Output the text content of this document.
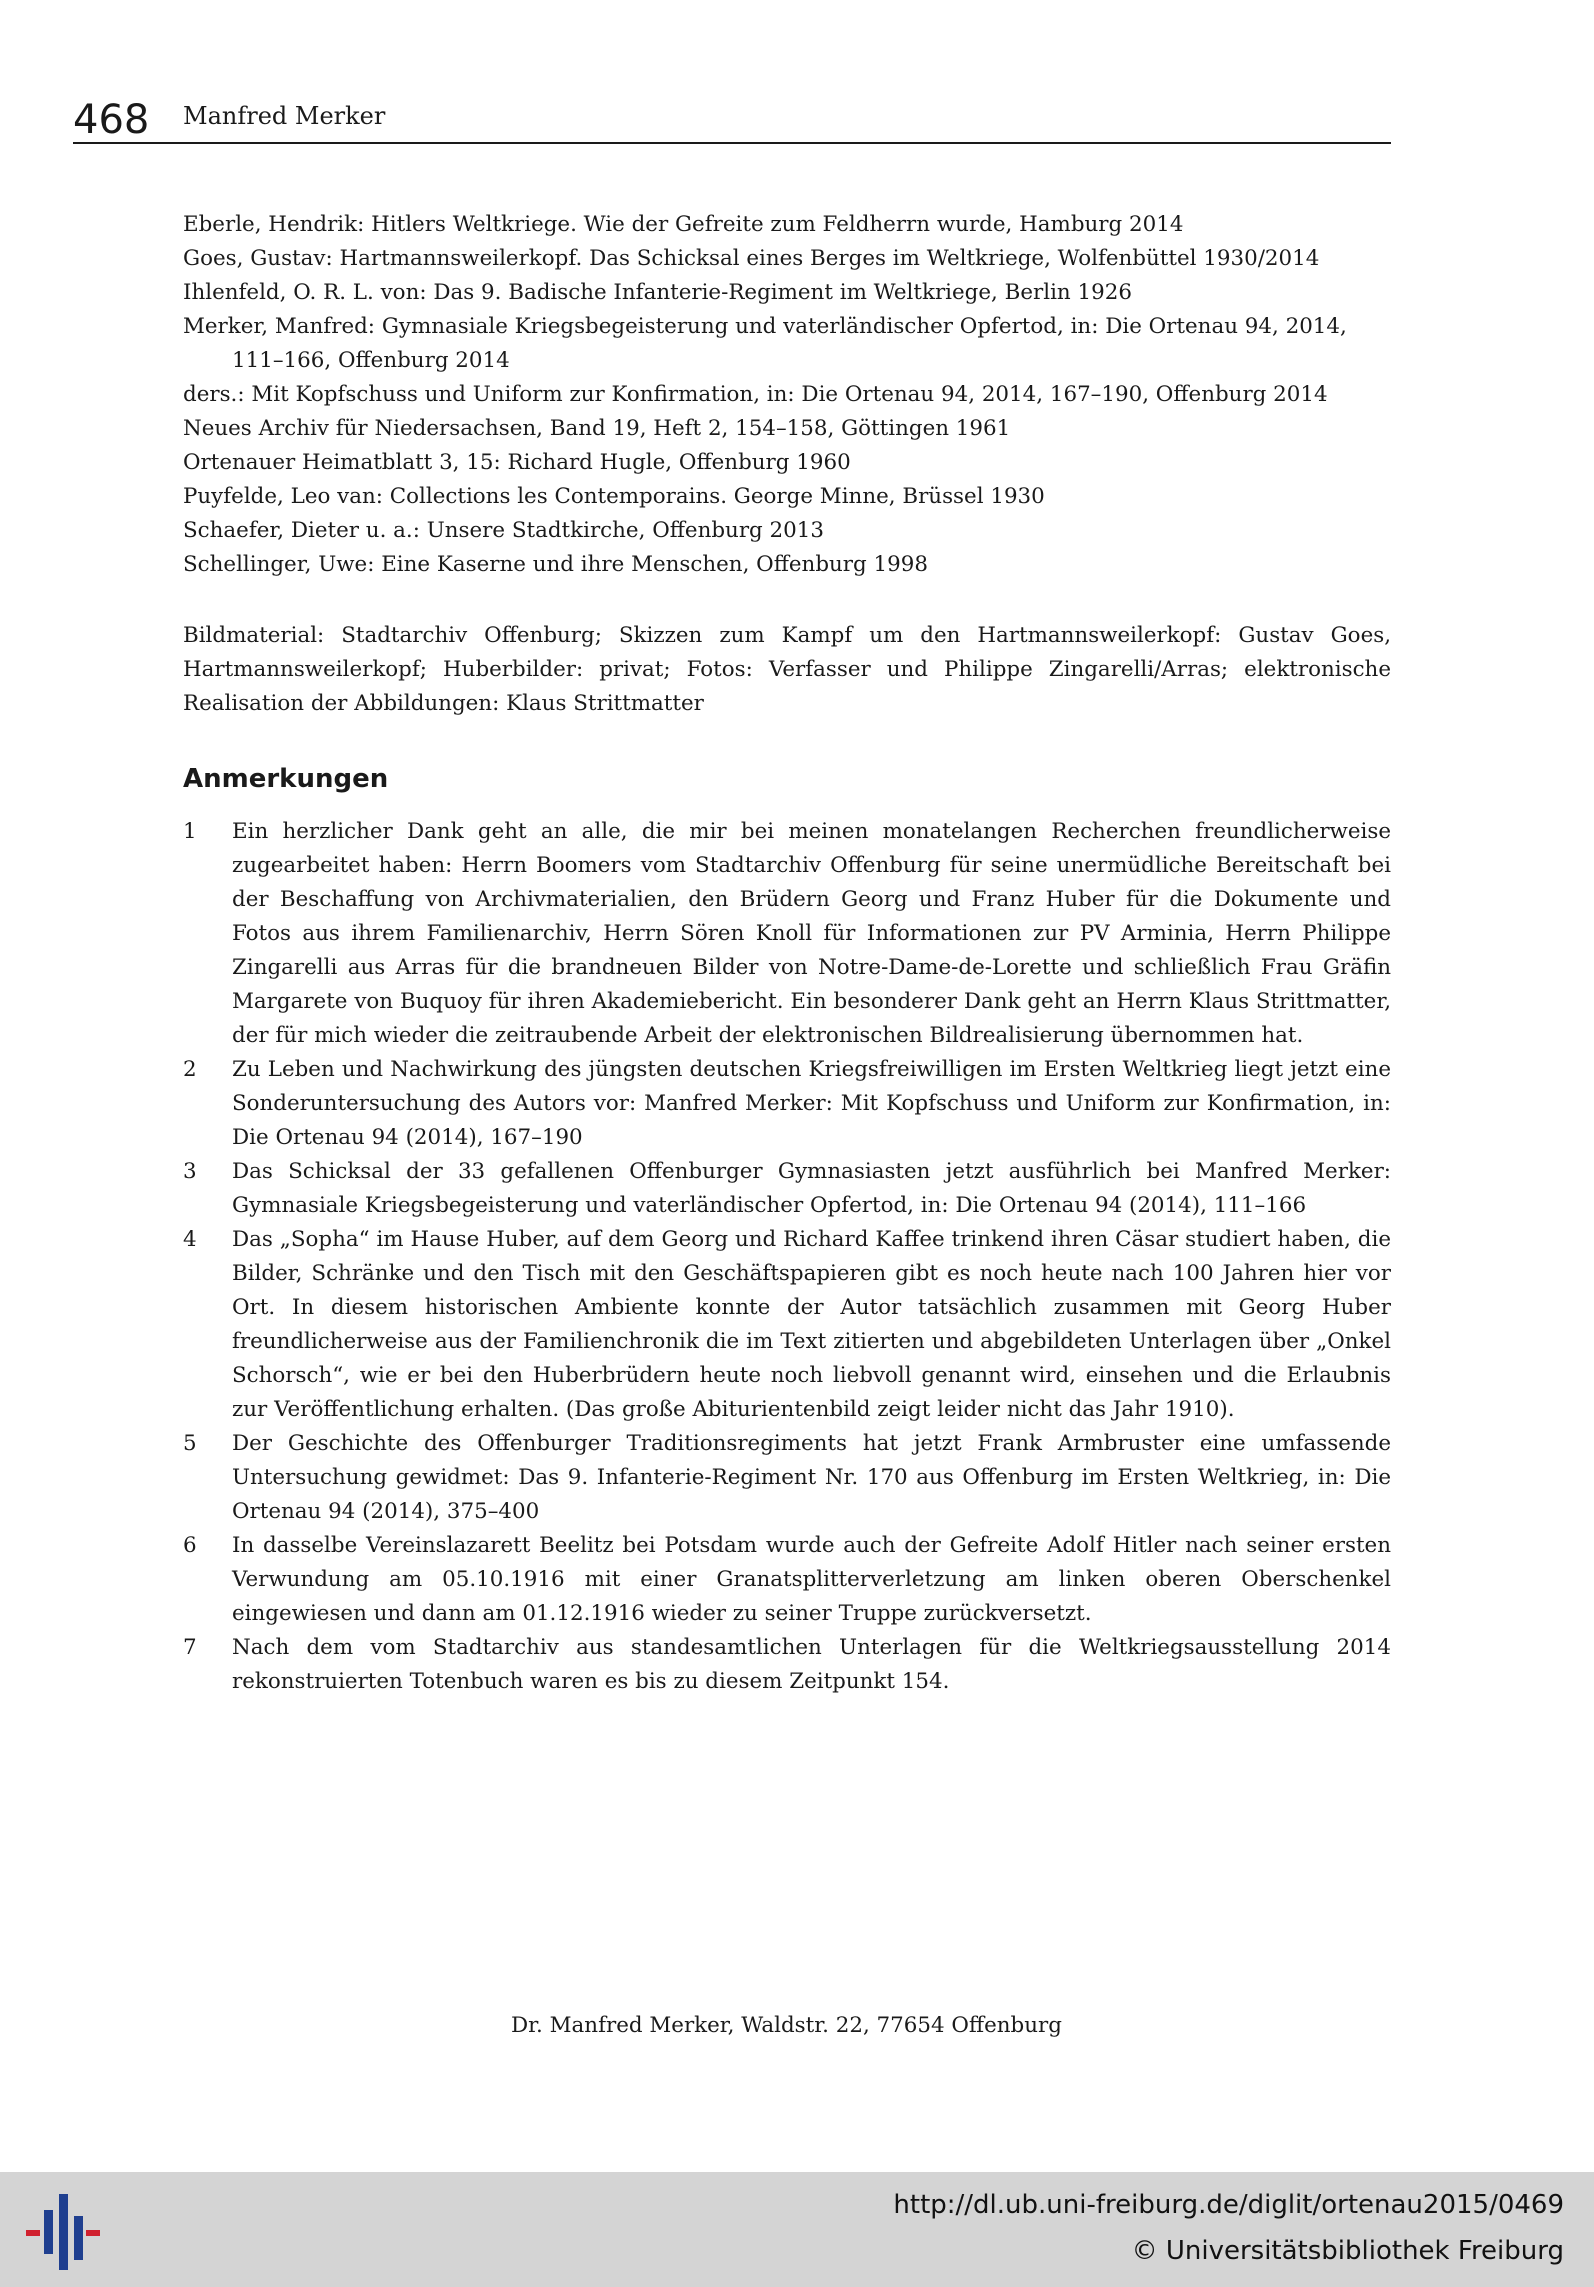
468 Manfred Merker

Eberle, Hendrik: Hitlers Weltkriege. Wie der Gefreite zum Feldherrn wurde, Hamburg 2014

Goes, Gustav: Hartmannsweilerkopf. Das Schicksal eines Berges im Weltkriege, Wolfenbüttel 1930/2014

Ihlenfeld, O. R. L. von: Das 9. Badische Infanterie-Regiment im Weltkriege, Berlin 1926

Merker, Manfred: Gymnasiale Kriegsbegeisterung und vaterländischer Opfertod, in: Die Ortenau 94, 2014, 111–166, Offenburg 2014

ders.: Mit Kopfschuss und Uniform zur Konfirmation, in: Die Ortenau 94, 2014, 167–190, Offenburg 2014

Neues Archiv für Niedersachsen, Band 19, Heft 2, 154–158, Göttingen 1961

Ortenauer Heimatblatt 3, 15: Richard Hugle, Offenburg 1960

Puyfelde, Leo van: Collections les Contemporains. George Minne, Brüssel 1930

Schaefer, Dieter u. a.: Unsere Stadtkirche, Offenburg 2013

Schellinger, Uwe: Eine Kaserne und ihre Menschen, Offenburg 1998

Bildmaterial: Stadtarchiv Offenburg; Skizzen zum Kampf um den Hartmannsweilerkopf: Gustav Goes, Hartmannsweilerkopf; Huberbilder: privat; Fotos: Verfasser und Philippe Zingarelli/Arras; elektronische Realisation der Abbildungen: Klaus Strittmatter

Anmerkungen
1 Ein herzlicher Dank geht an alle, die mir bei meinen monatelangen Recherchen freundlicherweise zugearbeitet haben: Herrn Boomers vom Stadtarchiv Offenburg für seine unermüdliche Bereitschaft bei der Beschaffung von Archivmaterialien, den Brüdern Georg und Franz Huber für die Dokumente und Fotos aus ihrem Familienarchiv, Herrn Sören Knoll für Informationen zur PV Arminia, Herrn Philippe Zingarelli aus Arras für die brandneuen Bilder von Notre-Dame-de-Lorette und schließlich Frau Gräfin Margarete von Buquoy für ihren Akademiebericht. Ein besonderer Dank geht an Herrn Klaus Strittmatter, der für mich wieder die zeitraubende Arbeit der elektronischen Bildrealisierung übernommen hat.
2 Zu Leben und Nachwirkung des jüngsten deutschen Kriegsfreiwilligen im Ersten Weltkrieg liegt jetzt eine Sonderuntersuchung des Autors vor: Manfred Merker: Mit Kopfschuss und Uniform zur Konfirmation, in: Die Ortenau 94 (2014), 167–190
3 Das Schicksal der 33 gefallenen Offenburger Gymnasiasten jetzt ausführlich bei Manfred Merker: Gymnasiale Kriegsbegeisterung und vaterländischer Opfertod, in: Die Ortenau 94 (2014), 111–166
4 Das „Sopha“ im Hause Huber, auf dem Georg und Richard Kaffee trinkend ihren Cäsar studiert haben, die Bilder, Schränke und den Tisch mit den Geschäftspapieren gibt es noch heute nach 100 Jahren hier vor Ort. In diesem historischen Ambiente konnte der Autor tatsächlich zusammen mit Georg Huber freundlicherweise aus der Familienchronik die im Text zitierten und abgebildeten Unterlagen über „Onkel Schorsch“, wie er bei den Huberbrüdern heute noch liebvoll genannt wird, einsehen und die Erlaubnis zur Veröffentlichung erhalten. (Das große Abiturientenbild zeigt leider nicht das Jahr 1910).
5 Der Geschichte des Offenburger Traditionsregiments hat jetzt Frank Armbruster eine umfassende Untersuchung gewidmet: Das 9. Infanterie-Regiment Nr. 170 aus Offenburg im Ersten Weltkrieg, in: Die Ortenau 94 (2014), 375–400
6 In dasselbe Vereinslazarett Beelitz bei Potsdam wurde auch der Gefreite Adolf Hitler nach seiner ersten Verwundung am 05.10.1916 mit einer Granatsplitterverletzung am linken oberen Oberschenkel eingewiesen und dann am 01.12.1916 wieder zu seiner Truppe zurückversetzt.
7 Nach dem vom Stadtarchiv aus standesamtlichen Unterlagen für die Weltkriegsausstellung 2014 rekonstruierten Totenbuch waren es bis zu diesem Zeitpunkt 154.
Dr. Manfred Merker, Waldstr. 22, 77654 Offenburg
http://dl.ub.uni-freiburg.de/diglit/ortenau2015/0469
© Universitätsbibliothek Freiburg
